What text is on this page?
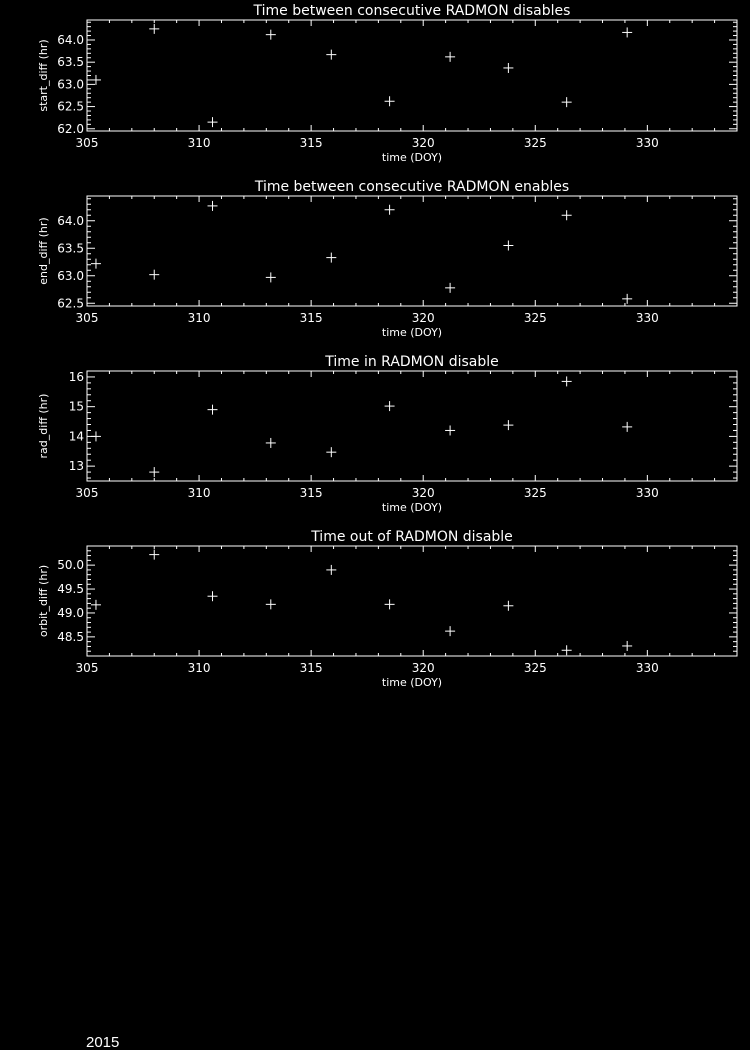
Time between consecutive RADMON disables
305	310	315	320	325	330
time (DOY)
62.0
62.5
63.0
63.5
64.0
start_diff (hr)
Time between consecutive RADMON enables
305	310	315	320	325	330
time (DOY)
62.5
63.0
63.5
64.0
end_diff (hr)
Time in RADMON disable
305	310	315	320	325	330
time (DOY)
13
14
15
16
rad_diff (hr)
Time out of RADMON disable
305	310	315	320	325	330
time (DOY)
48.5
49.0
49.5
50.0
orbit_diff (hr)
2015
